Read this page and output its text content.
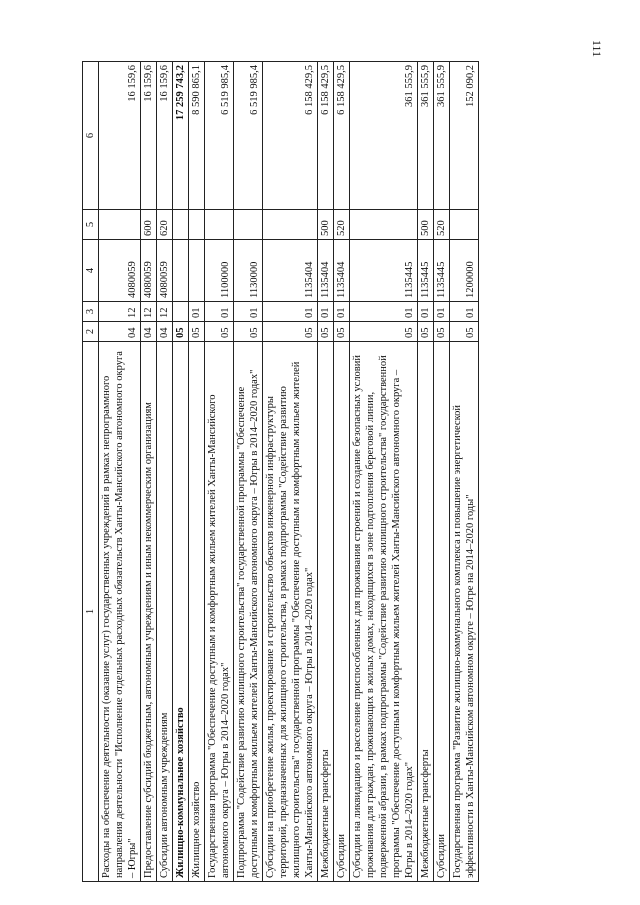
111
1	2	3	4	5	6
Расходы на обеспечение деятельности (оказание услуг) государственных учреждений в рамках непрограммного направления деятельности "Исполнение отдельных расходных обязательств Ханты-Мансийского автономного округа – Югры"	04	12	4080059		16 159,6
Предоставление субсидий бюджетным, автономным учреждениям и иным некоммерческим организациям	04	12	4080059	600	16 159,6
Субсидии автономным учреждениям	04	12	4080059	620	16 159,6
Жилищно-коммунальное хозяйство	05				17 259 743,2
Жилищное хозяйство	05	01			8 590 865,1
Государственная программа "Обеспечение доступным и комфортным жильем жителей Ханты-Мансийского автономного округа – Югры в 2014–2020 годах"	05	01	1100000		6 519 985,4
Подпрограмма "Содействие развитию жилищного строительства" государственной программы "Обеспечение доступным и комфортным жильем жителей Ханты-Мансийского автономного округа – Югры в 2014–2020 годах"	05	01	1130000		6 519 985,4
Субсидии на приобретение жилья, проектирование и строительство объектов инженерной инфраструктуры территорий, предназначенных для жилищного строительства, в рамках подпрограммы "Содействие развитию жилищного строительства" государственной программы "Обеспечение доступным и комфортным жильем жителей Ханты-Мансийского автономного округа – Югры в 2014–2020 годах"	05	01	1135404		6 158 429,5
Межбюджетные трансферты	05	01	1135404	500	6 158 429,5
Субсидии	05	01	1135404	520	6 158 429,5
Субсидии на ликвидацию и расселение приспособленных для проживания строений и создание безопасных условий проживания для граждан, проживающих в жилых домах, находящихся в зоне подтопления береговой линии, подверженной абразии, в рамках подпрограммы "Содействие развитию жилищного строительства" государственной программы "Обеспечение доступным и комфортным жильем жителей Ханты-Мансийского автономного округа – Югры в 2014–2020 годах"	05	01	1135445		361 555,9
Межбюджетные трансферты	05	01	1135445	500	361 555,9
Субсидии	05	01	1135445	520	361 555,9
Государственная программа "Развитие жилищно-коммунального комплекса и повышение энергетической эффективности в Ханты-Мансийском автономном округе – Югре на 2014–2020 годы"	05	01	1200000		152 090,2
